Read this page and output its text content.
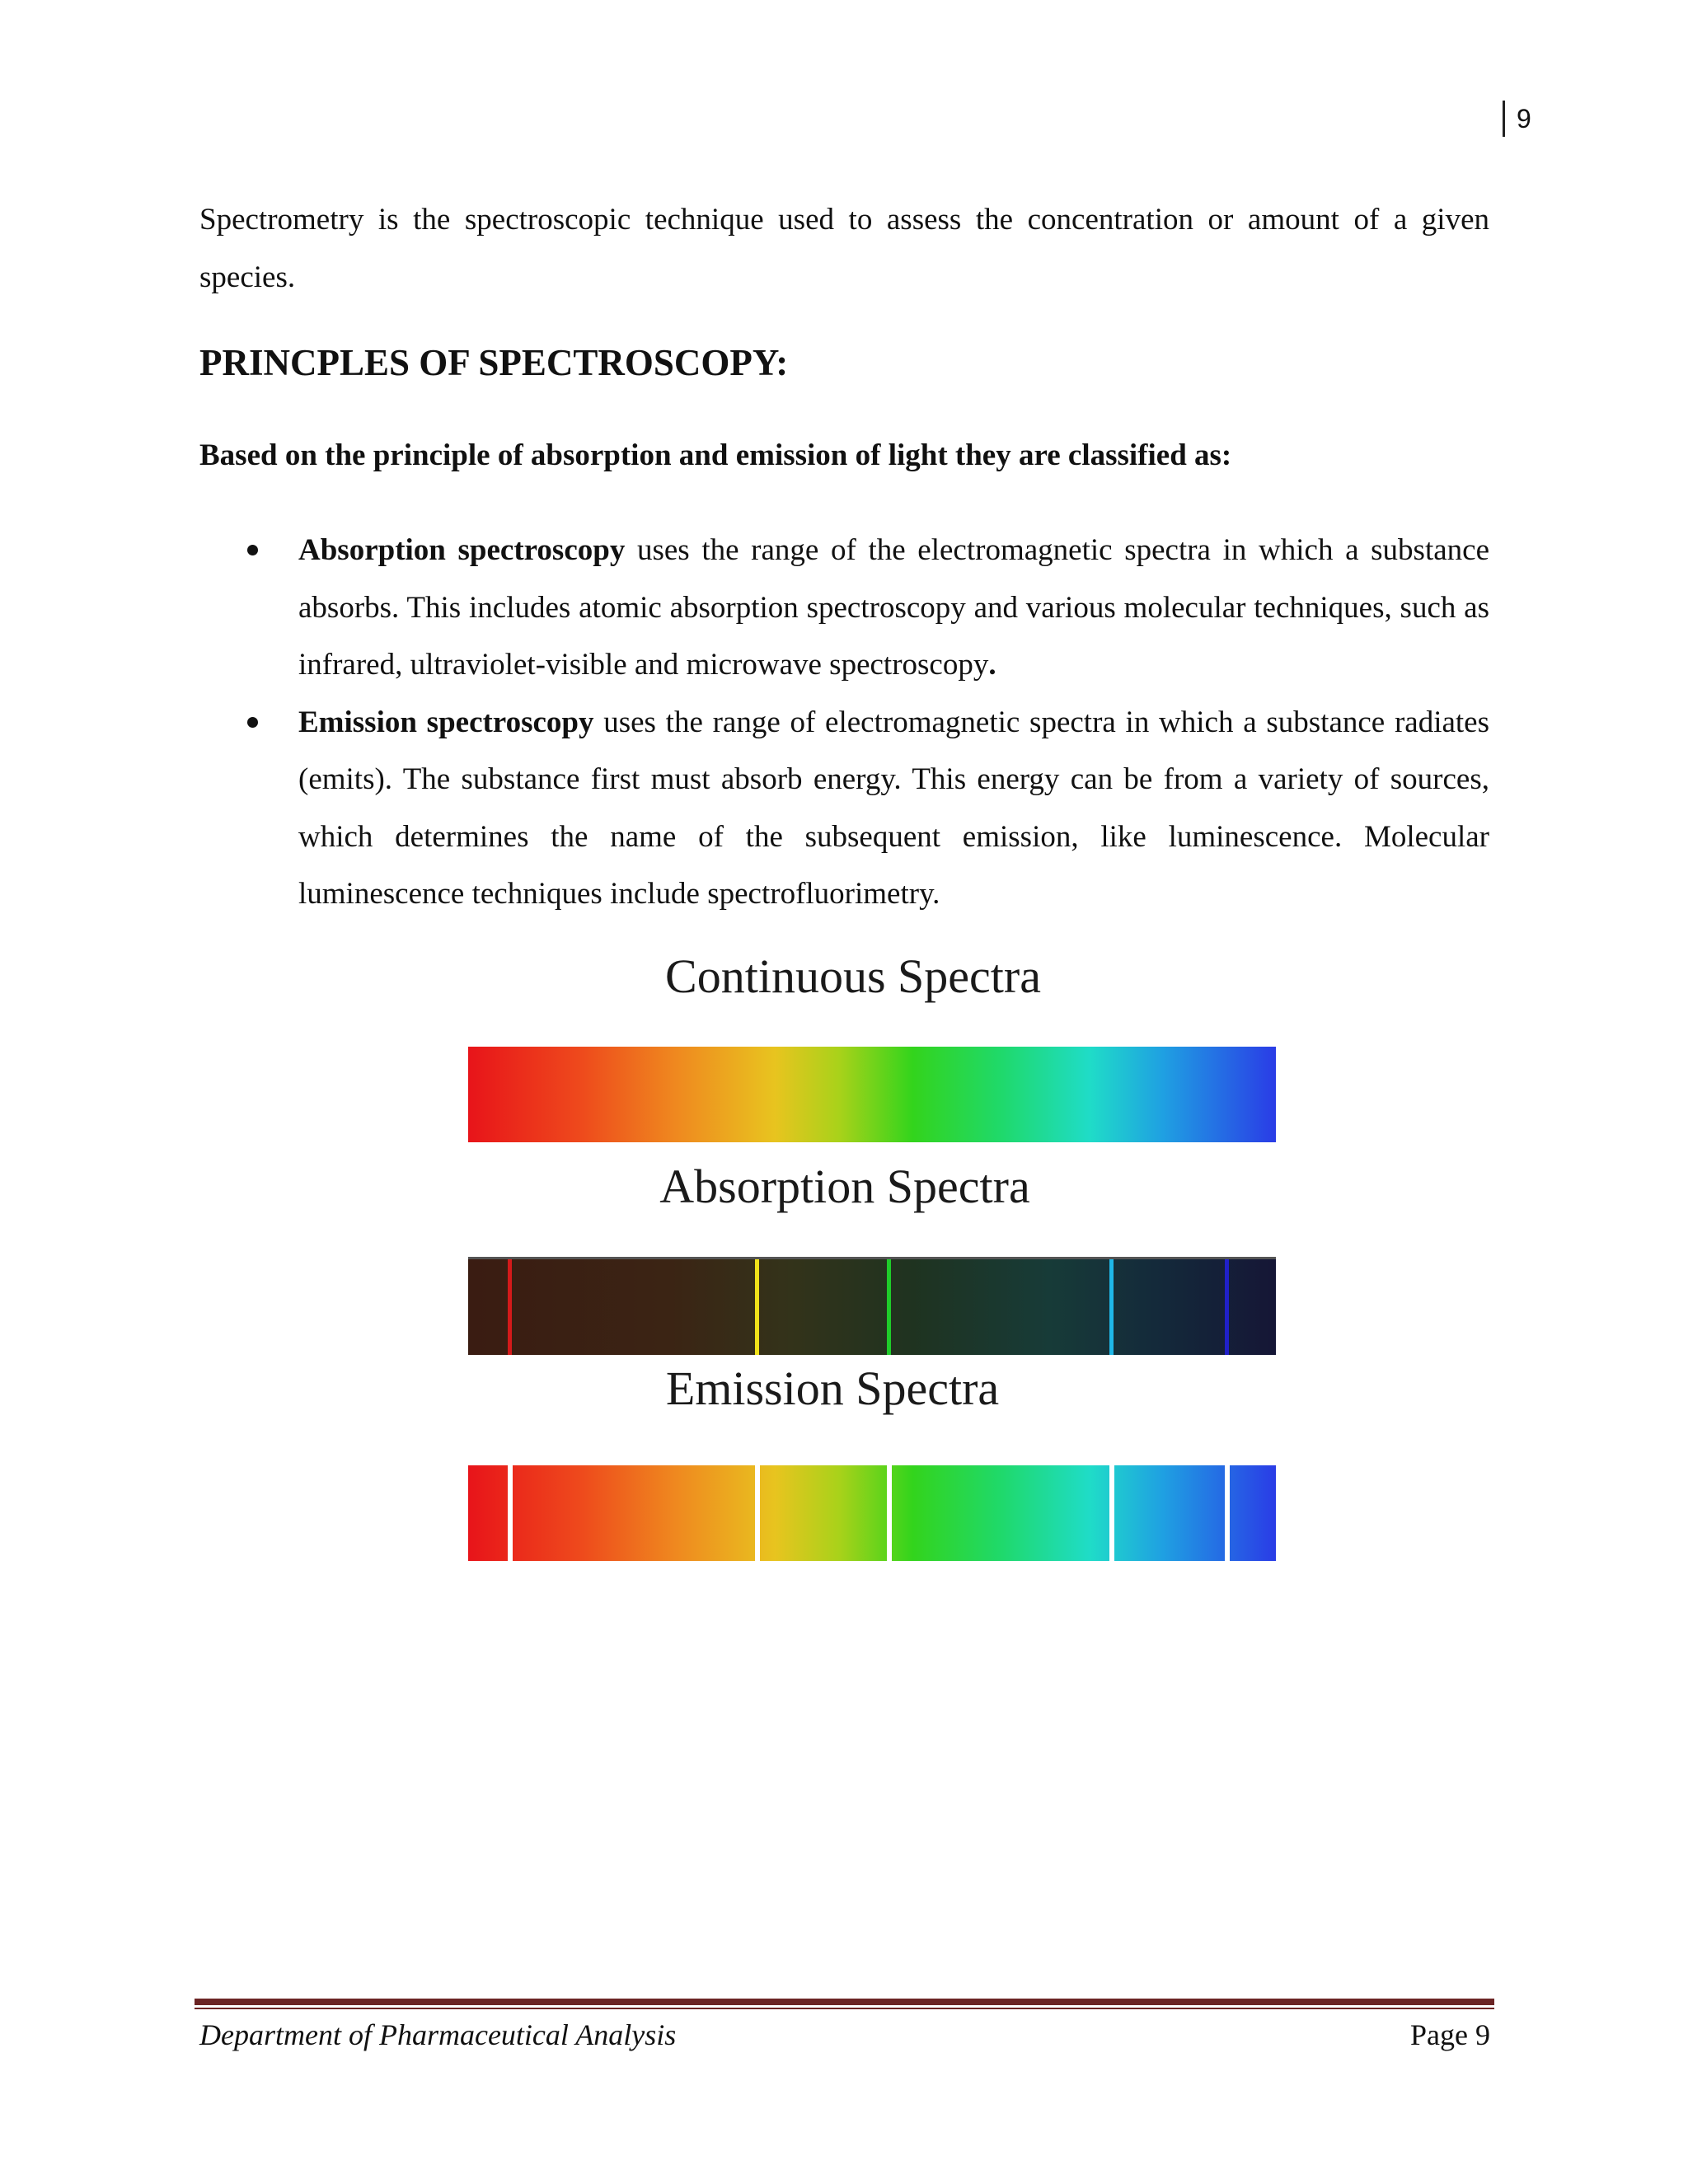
9

Spectrometry is the spectroscopic technique used to assess the concentration or amount of a given species.

PRINCPLES OF SPECTROSCOPY:

Based on the principle of absorption and emission of light they are classified as:

Absorption spectroscopy uses the range of the electromagnetic spectra in which a substance absorbs. This includes atomic absorption spectroscopy and various molecular techniques, such as infrared, ultraviolet-visible and microwave spectroscopy.
Emission spectroscopy uses the range of electromagnetic spectra in which a substance radiates (emits). The substance first must absorb energy. This energy can be from a variety of sources, which determines the name of the subsequent emission, like luminescence. Molecular luminescence techniques include spectrofluorimetry.
Continuous Spectra
Absorption Spectra
Emission Spectra
Department of Pharmaceutical Analysis	Page 9
